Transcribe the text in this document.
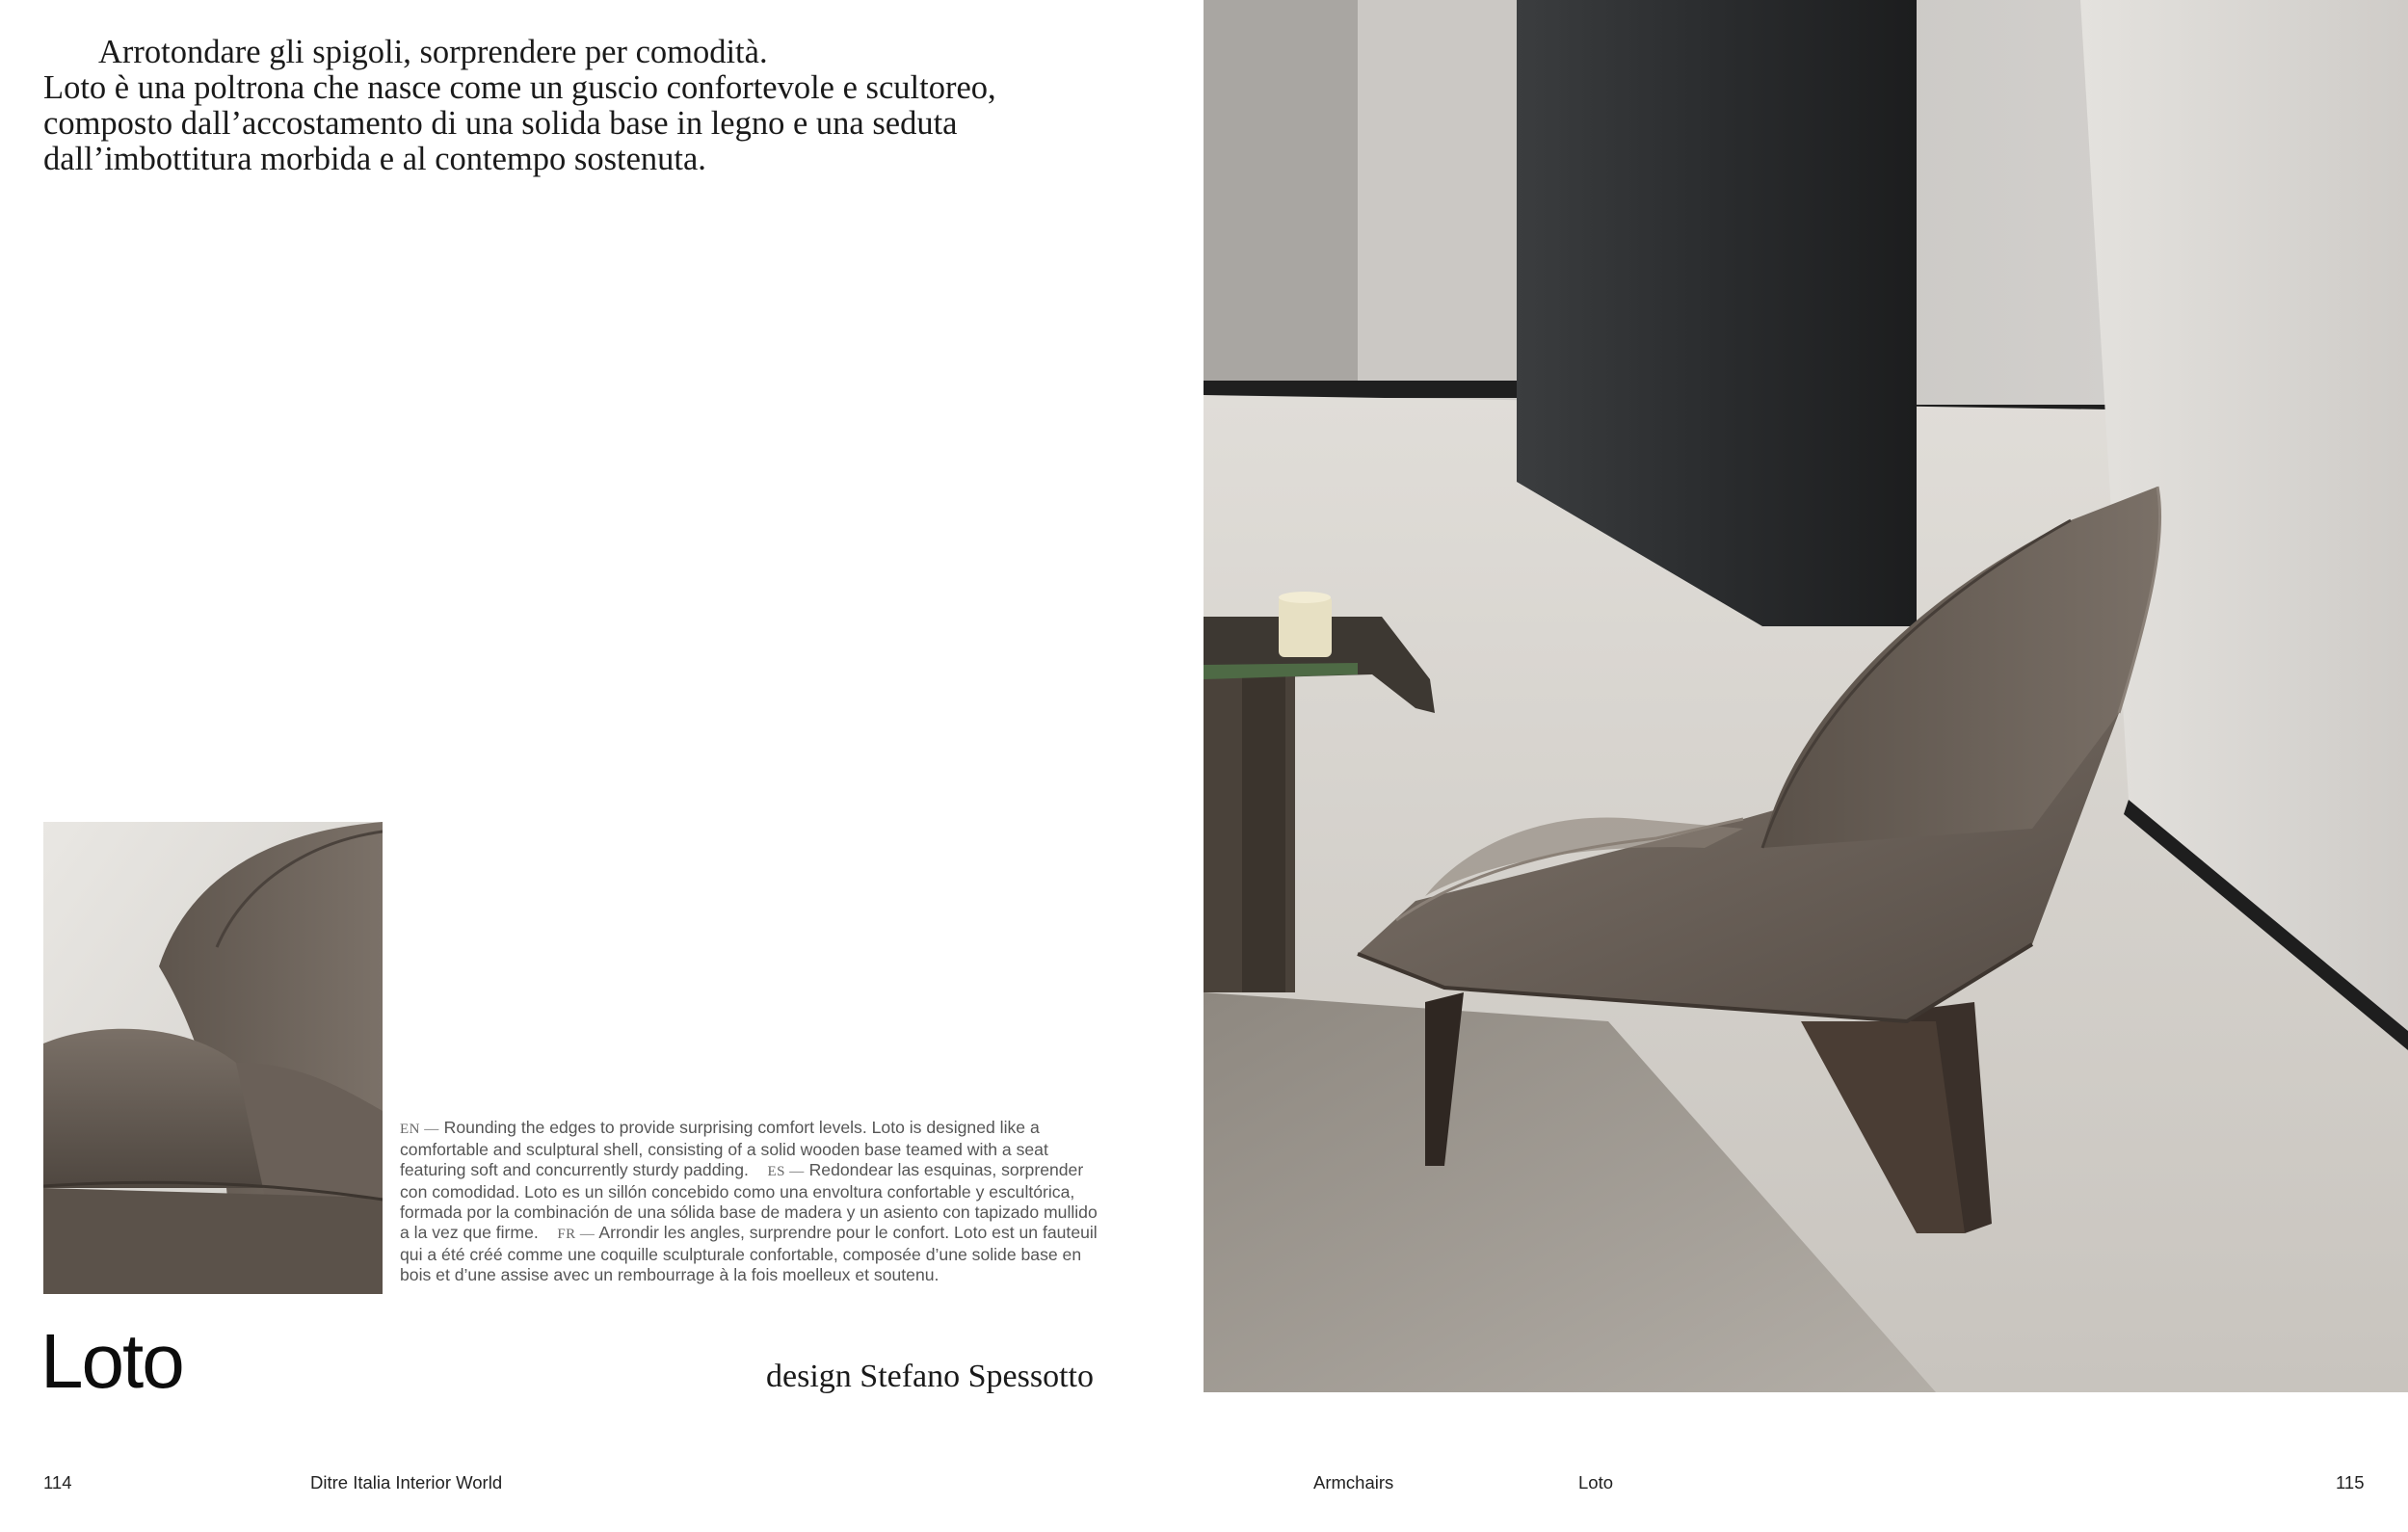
Arrotondare gli spigoli, sorprendere per comodità.

Loto è una poltrona che nasce come un guscio confortevole e scultoreo, composto dall’accostamento di una solida base in legno e una seduta dall’imbottitura morbida e al contempo sostenuta.

EN — Rounding the edges to provide surprising comfort levels. Loto is designed like a comfortable and sculptural shell, consisting of a solid wooden base teamed with a seat featuring soft and concurrently sturdy padding. ES — Redondear las esquinas, sorprender con comodidad. Loto es un sillón concebido como una envoltura confortable y escultórica, formada por la combinación de una sólida base de madera y un asiento con tapizado mullido a la vez que firme. FR — Arrondir les angles, surprendre pour le confort. Loto est un fauteuil qui a été créé comme une coquille sculpturale confortable, composée d’une solide base en bois et d’une assise avec un rembourrage à la fois moelleux et soutenu.

Loto	design Stefano Spessotto
114	Ditre Italia Interior World	Armchairs	Loto	115
